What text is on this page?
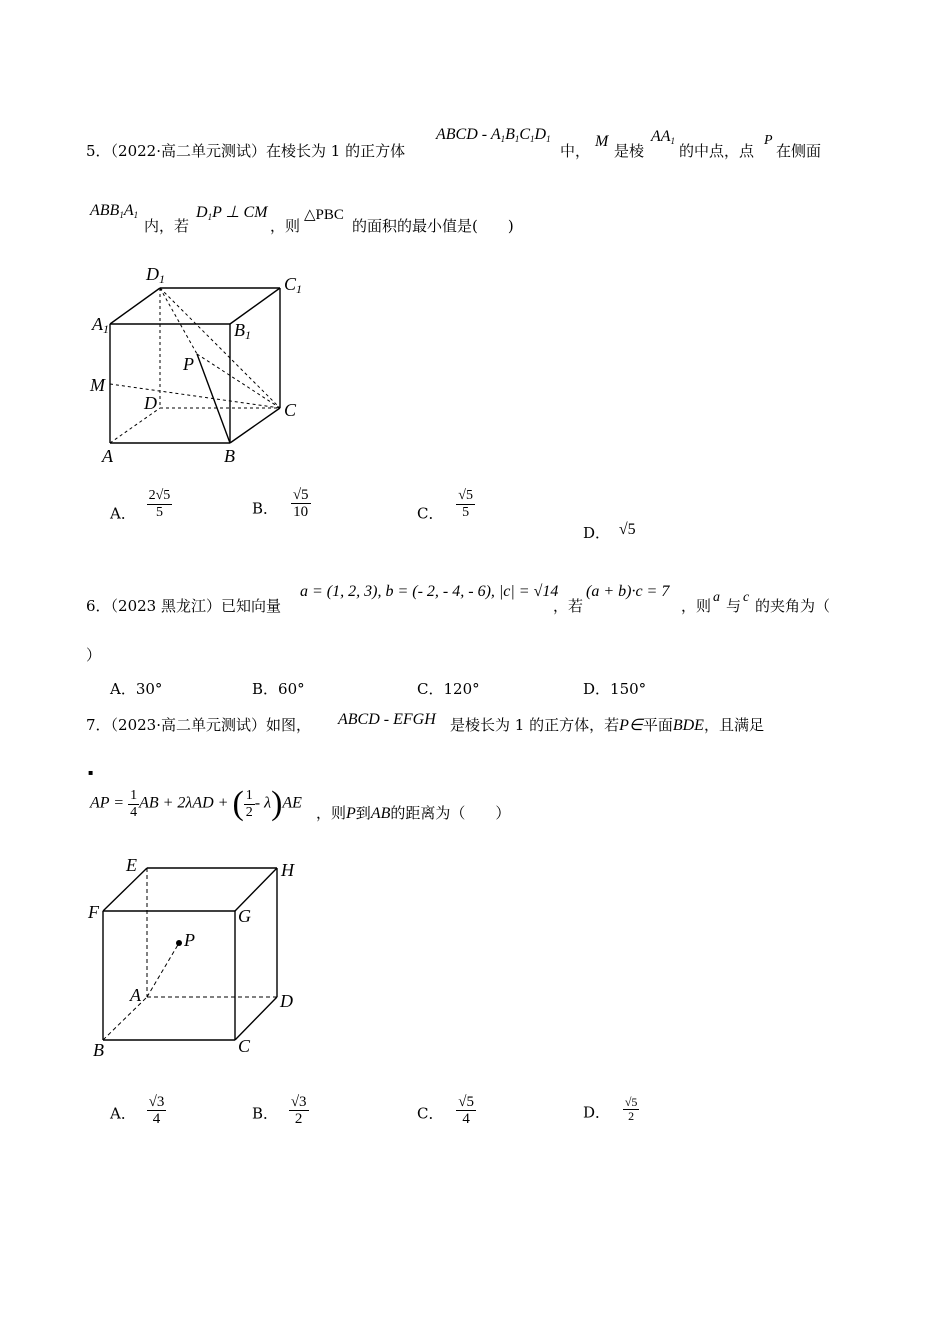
5．（2022·高二单元测试）在棱长为 1 的正方体
ABCD - $A_1B_1C_1D_1$
中，
M
是棱
$AA_1$
的中点，点
P
在侧面
$ABB_1A_1$
内，若
$D_1P$ ⊥ CM
，则
△PBC
的面积的最小值是(　　)
D1	C1
A1	B1
P
M
D	C
A	B
A． $\frac{2√5}{5}$	B． $\frac{√5}{10}$	C． $\frac{√5}{5}$
D． √5
6．（2023 黑龙江）已知向量
a = (1, 2, 3), b = (- 2, - 4, - 6), |c| = √14
，若
(a + b)·c = 7
，则 a 与 c 的夹角为（
）
A．30°	B．60°	C．120°	D．150°
7．（2023·高二单元测试）如图， ABCD - EFGH 是棱长为 1 的正方体，若P∈平面BDE，且满足
▪
AP = $\frac{1}{4}$ AB + 2λAD + ( $\frac{1}{2} - \lambda)AE$
，则P到AB的距离为（　　）
E	H
F	G
P
A	D
B	C
A． $\frac{√3}{4}$	B． $\frac{√3}{2}$	C． $\frac{√5}{4}$	D． $\frac{√5}{2}$
